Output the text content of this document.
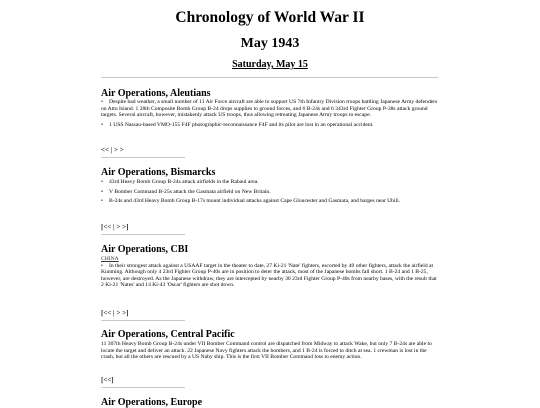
Chronology of World War II
May 1943
Saturday, May 15
Air Operations, Aleutians

• Despite bad weather, a small number of 11 Air Force aircraft are able to support US 7th Infantry Division troops battling Japanese Army defenders on Attu Island. 1 28th Composite Bomb Group B-24 drops supplies to ground forces, and 6 B-24s and 6 343rd Fighter Group P-38s attack ground targets. Several aircraft, however, mistakenly attack US troops, thus allowing retreating Japanese Army troops to escape.

• 1 USS Nassau-based VMO-155 F4F photographic-reconnaissance F4F and its pilot are lost in an operational accident.

<< | > >
Air Operations, Bismarcks

• 43rd Heavy Bomb Group B-24s attack airfields in the Rabaul area.

• V Bomber Command B-25s attack the Gasmata airfield on New Britain.

• B-24s and 43rd Heavy Bomb Group B-17s mount individual attacks against Cape Gloucester and Gasmata, and barges near Ubili.

[<< | > >]
Air Operations, CBI

CHINA

• In their strongest attack against a USAAF target in the theater to date, 27 Ki-21 'Nate' fighters, escorted by 40 other fighters, attack the airfield at Kunming. Although only 4 23rd Fighter Group P-40s are in position to deter the attack, most of the Japanese bombs fall short. 1 B-24 and 1 B-25, however, are destroyed. As the Japanese withdraw, they are intercepted by nearby 30 23rd Fighter Group P-40s from nearby bases, with the result that 2 Ki-21 'Nates' and 14 Ki-43 'Oscar' fighters are shot down.

[<< | > >]
Air Operations, Central Pacific

11 307th Heavy Bomb Group B-24s under VII Bomber Command control are dispatched from Midway to attack Wake, but only 7 B-24s are able to locate the target and deliver an attack. 22 Japanese Navy fighters attack the bombers, and 1 B-24 is forced to ditch at sea. 1 crewman is lost in the crash, but all the others are rescued by a US Naby ship. This is the first VII Bomber Command loss to enemy action.

[<<]
Air Operations, Europe
